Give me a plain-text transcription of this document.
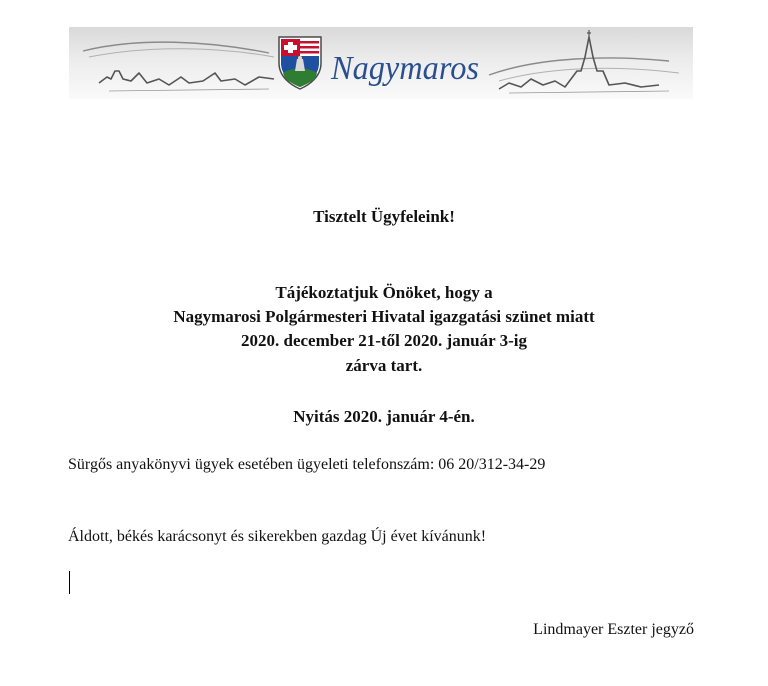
Nagymaros

Tisztelt Ügyfeleink!

Tájékoztatjuk Önöket, hogy a

Nagymarosi Polgármesteri Hivatal igazgatási szünet miatt

2020. december 21-től 2020. január 3-ig

zárva tart.

Nyitás 2020. január 4-én.

Sürgős anyakönyvi ügyek esetében ügyeleti telefonszám: 06 20/312-34-29

Áldott, békés karácsonyt és sikerekben gazdag Új évet kívánunk!

Lindmayer Eszter jegyző
